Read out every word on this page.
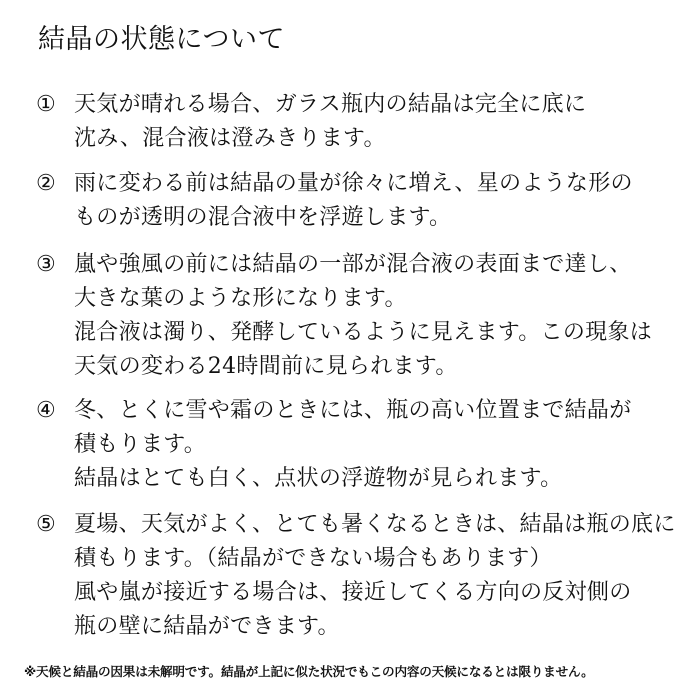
結晶の状態について
① 天気が晴れる場合、ガラス瓶内の結晶は完全に底に
沈み、混合液は澄みきります。
② 雨に変わる前は結晶の量が徐々に増え、星のような形の
ものが透明の混合液中を浮遊します。
③ 嵐や強風の前には結晶の一部が混合液の表面まで達し、
大きな葉のような形になります。
混合液は濁り、発酵しているように見えます。この現象は
天気の変わる24時間前に見られます。
④ 冬、とくに雪や霜のときには、瓶の高い位置まで結晶が
積もります。
結晶はとても白く、点状の浮遊物が見られます。
⑤ 夏場、天気がよく、とても暑くなるときは、結晶は瓶の底に
積もります。（結晶ができない場合もあります）
風や嵐が接近する場合は、接近してくる方向の反対側の
瓶の壁に結晶ができます。
※天候と結晶の因果は未解明です。結晶が上記に似た状況でもこの内容の天候になるとは限りません。
